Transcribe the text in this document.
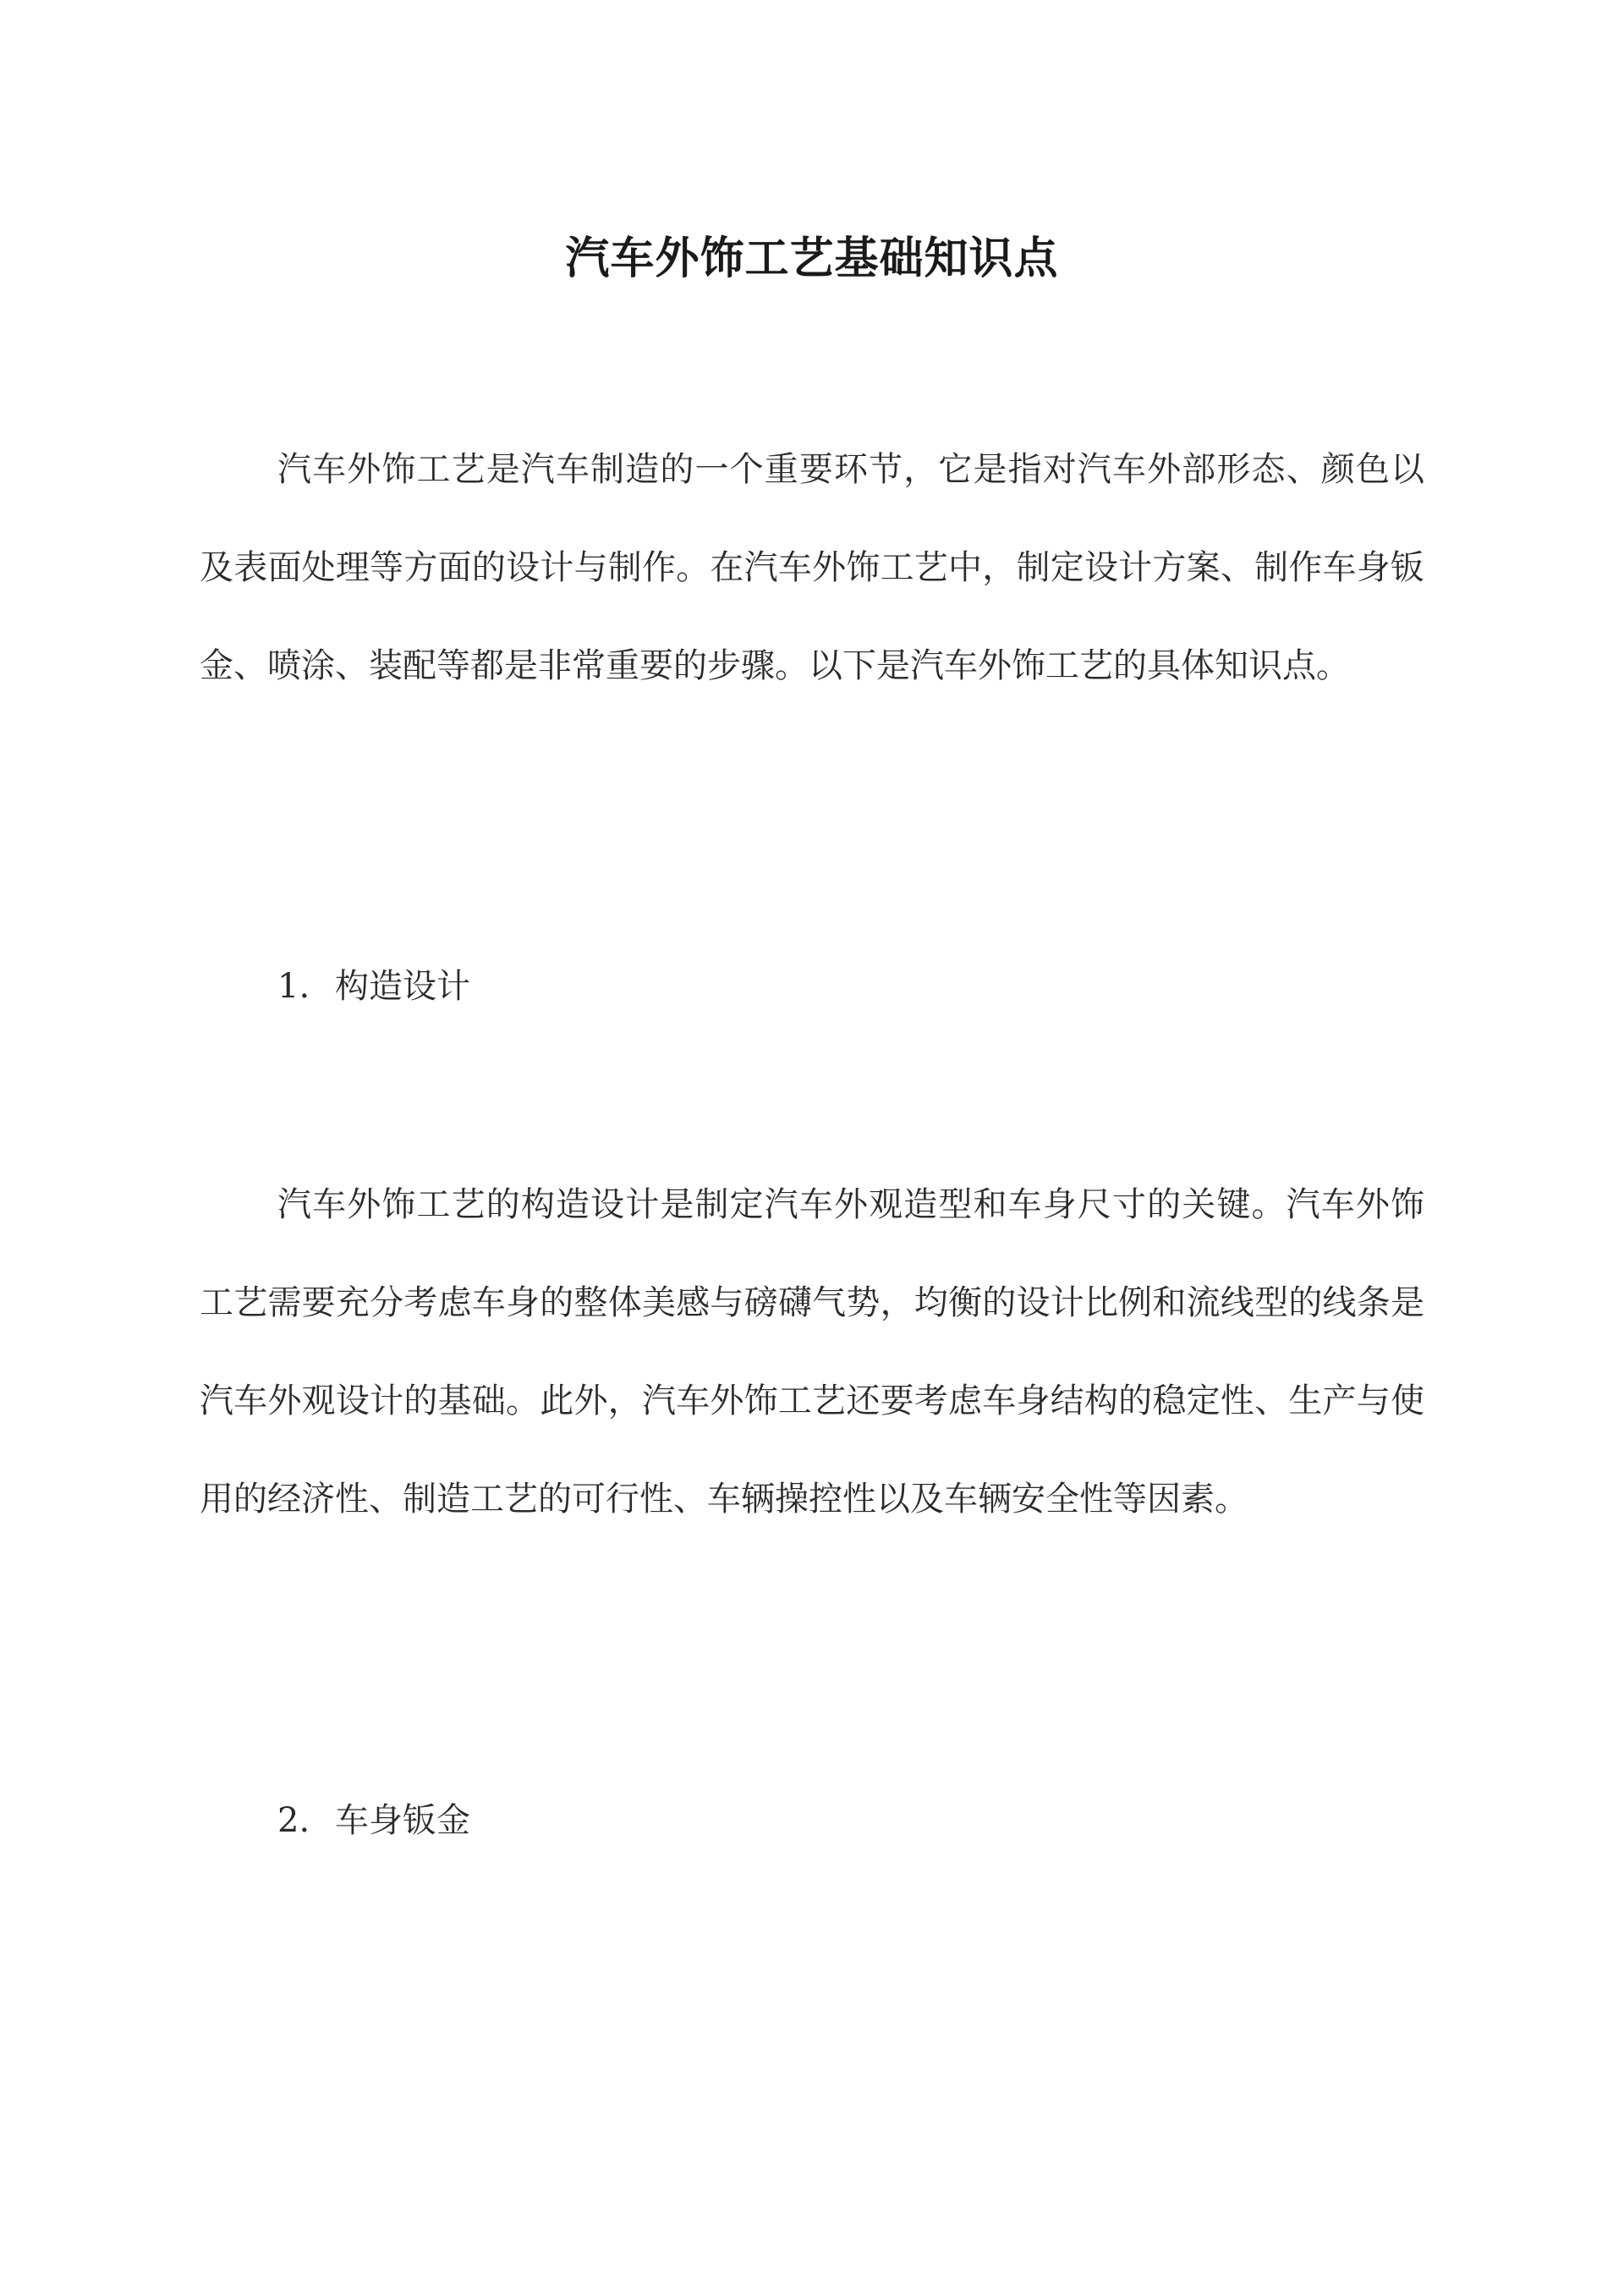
汽车外饰工艺基础知识点

汽车外饰工艺是汽车制造的一个重要环节，它是指对汽车外部形态、颜色以及表面处理等方面的设计与制作。在汽车外饰工艺中，制定设计方案、制作车身钣金、喷涂、装配等都是非常重要的步骤。以下是汽车外饰工艺的具体知识点。

1. 构造设计

汽车外饰工艺的构造设计是制定汽车外观造型和车身尺寸的关键。汽车外饰工艺需要充分考虑车身的整体美感与磅礴气势，均衡的设计比例和流线型的线条是汽车外观设计的基础。此外，汽车外饰工艺还要考虑车身结构的稳定性、生产与使用的经济性、制造工艺的可行性、车辆操控性以及车辆安全性等因素。

2. 车身钣金
